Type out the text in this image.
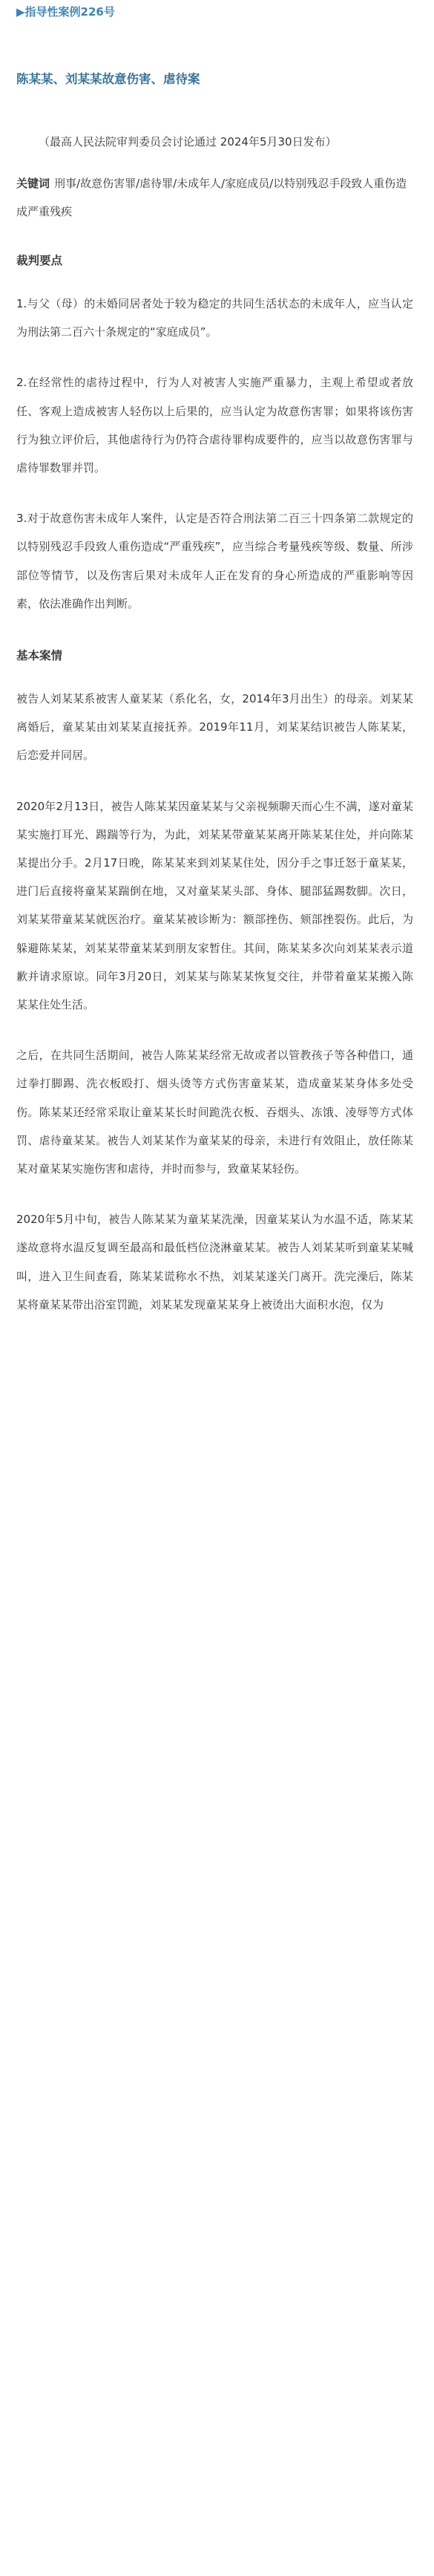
▶指导性案例226号
陈某某、刘某某故意伤害、虐待案
（最高人民法院审判委员会讨论通过 2024年5月30日发布）
关键词 刑事/故意伤害罪/虐待罪/未成年人/家庭成员/以特别残忍手段致人重伤造成严重残疾
裁判要点
1.与父（母）的未婚同居者处于较为稳定的共同生活状态的未成年人，应当认定为刑法第二百六十条规定的“家庭成员”。
2.在经常性的虐待过程中，行为人对被害人实施严重暴力，主观上希望或者放任、客观上造成被害人轻伤以上后果的，应当认定为故意伤害罪；如果将该伤害行为独立评价后，其他虐待行为仍符合虐待罪构成要件的，应当以故意伤害罪与虐待罪数罪并罚。
3.对于故意伤害未成年人案件，认定是否符合刑法第二百三十四条第二款规定的以特别残忍手段致人重伤造成“严重残疾”，应当综合考量残疾等级、数量、所涉部位等情节，以及伤害后果对未成年人正在发育的身心所造成的严重影响等因素，依法准确作出判断。
基本案情
被告人刘某某系被害人童某某（系化名，女，2014年3月出生）的母亲。刘某某离婚后，童某某由刘某某直接抚养。2019年11月，刘某某结识被告人陈某某，后恋爱并同居。
2020年2月13日，被告人陈某某因童某某与父亲视频聊天而心生不满，遂对童某某实施打耳光、踢踹等行为，为此，刘某某带童某某离开陈某某住处，并向陈某某提出分手。2月17日晚，陈某某来到刘某某住处，因分手之事迁怒于童某某，进门后直接将童某某踹倒在地，又对童某某头部、身体、腿部猛踢数脚。次日，刘某某带童某某就医治疗。童某某被诊断为：额部挫伤、颏部挫裂伤。此后，为躲避陈某某，刘某某带童某某到朋友家暂住。其间，陈某某多次向刘某某表示道歉并请求原谅。同年3月20日，刘某某与陈某某恢复交往，并带着童某某搬入陈某某住处生活。
之后，在共同生活期间，被告人陈某某经常无故或者以管教孩子等各种借口，通过拳打脚踢、洗衣板殴打、烟头烫等方式伤害童某某，造成童某某身体多处受伤。陈某某还经常采取让童某某长时间跪洗衣板、吞烟头、冻饿、凌辱等方式体罚、虐待童某某。被告人刘某某作为童某某的母亲，未进行有效阻止，放任陈某某对童某某实施伤害和虐待，并时而参与，致童某某轻伤。
2020年5月中旬，被告人陈某某为童某某洗澡，因童某某认为水温不适，陈某某遂故意将水温反复调至最高和最低档位浇淋童某某。被告人刘某某听到童某某喊叫，进入卫生间查看，陈某某谎称水不热，刘某某遂关门离开。洗完澡后，陈某某将童某某带出浴室罚跪，刘某某发现童某某身上被烫出大面积水泡，仅为
